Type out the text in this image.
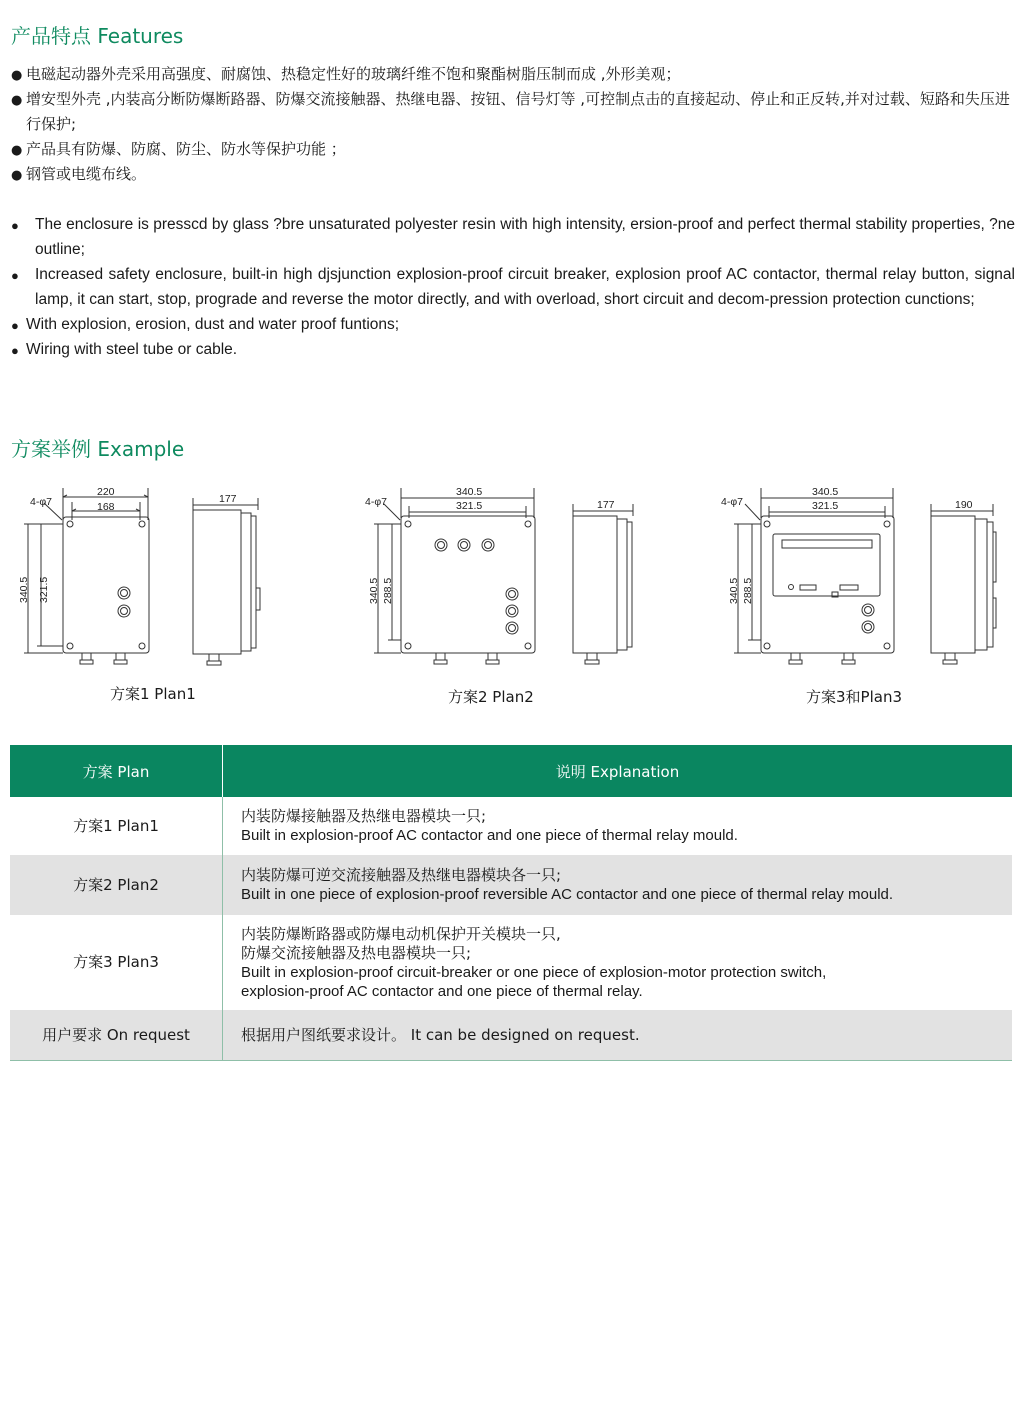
产品特点 Features
● 电磁起动器外壳采用高强度、耐腐蚀、热稳定性好的玻璃纤维不饱和聚酯树脂压制而成 ,外形美观；
● 增安型外壳 ,内装高分断防爆断路器、防爆交流接触器、热继电器、按钮、信号灯等 ,可控制点击的直接起动、停止和正反转,并对过载、短路和失压进行保护;
● 产品具有防爆、防腐、防尘、防水等保护功能 ；
● 钢管或电缆布线。
● The enclosure is presscd by glass ?bre unsaturated polyester resin with high intensity, ersion-proof and perfect thermal stability properties, ?ne outline;
● Increased safety enclosure, built-in high djsjunction explosion-proof circuit breaker, explosion proof AC contactor, thermal relay button, signal lamp, it can start, stop, prograde and reverse the motor directly, and with overload, short circuit and decom-pression protection cunctions;
● With explosion, erosion, dust and water proof funtions;
● Wiring with steel tube or cable.
方案举例 Example
4-φ7
220
168
340.5 321.5
177	4-φ7
340.5
321.5
340.5 288.5
177	4-φ7
340.5
321.5
340.5 288.5
190
方案1 Plan1	方案2 Plan2	方案3和Plan3
方案 Plan	说明 Explanation
方案1 Plan1	内装防爆接触器及热继电器模块一只;
Built in explosion-proof AC contactor and one piece of thermal relay mould.

方案2 Plan2	内装防爆可逆交流接触器及热继电器模块各一只;
Built in one piece of explosion-proof reversible AC contactor and one piece of thermal relay mould.

方案3 Plan3	内装防爆断路器或防爆电动机保护开关模块一只,
防爆交流接触器及热电器模块一只;
Built in explosion-proof circuit-breaker or one piece of explosion-motor protection switch,
explosion-proof AC contactor and one piece of thermal relay.

用户要求 On request	根据用户图纸要求设计。 It can be designed on request.
